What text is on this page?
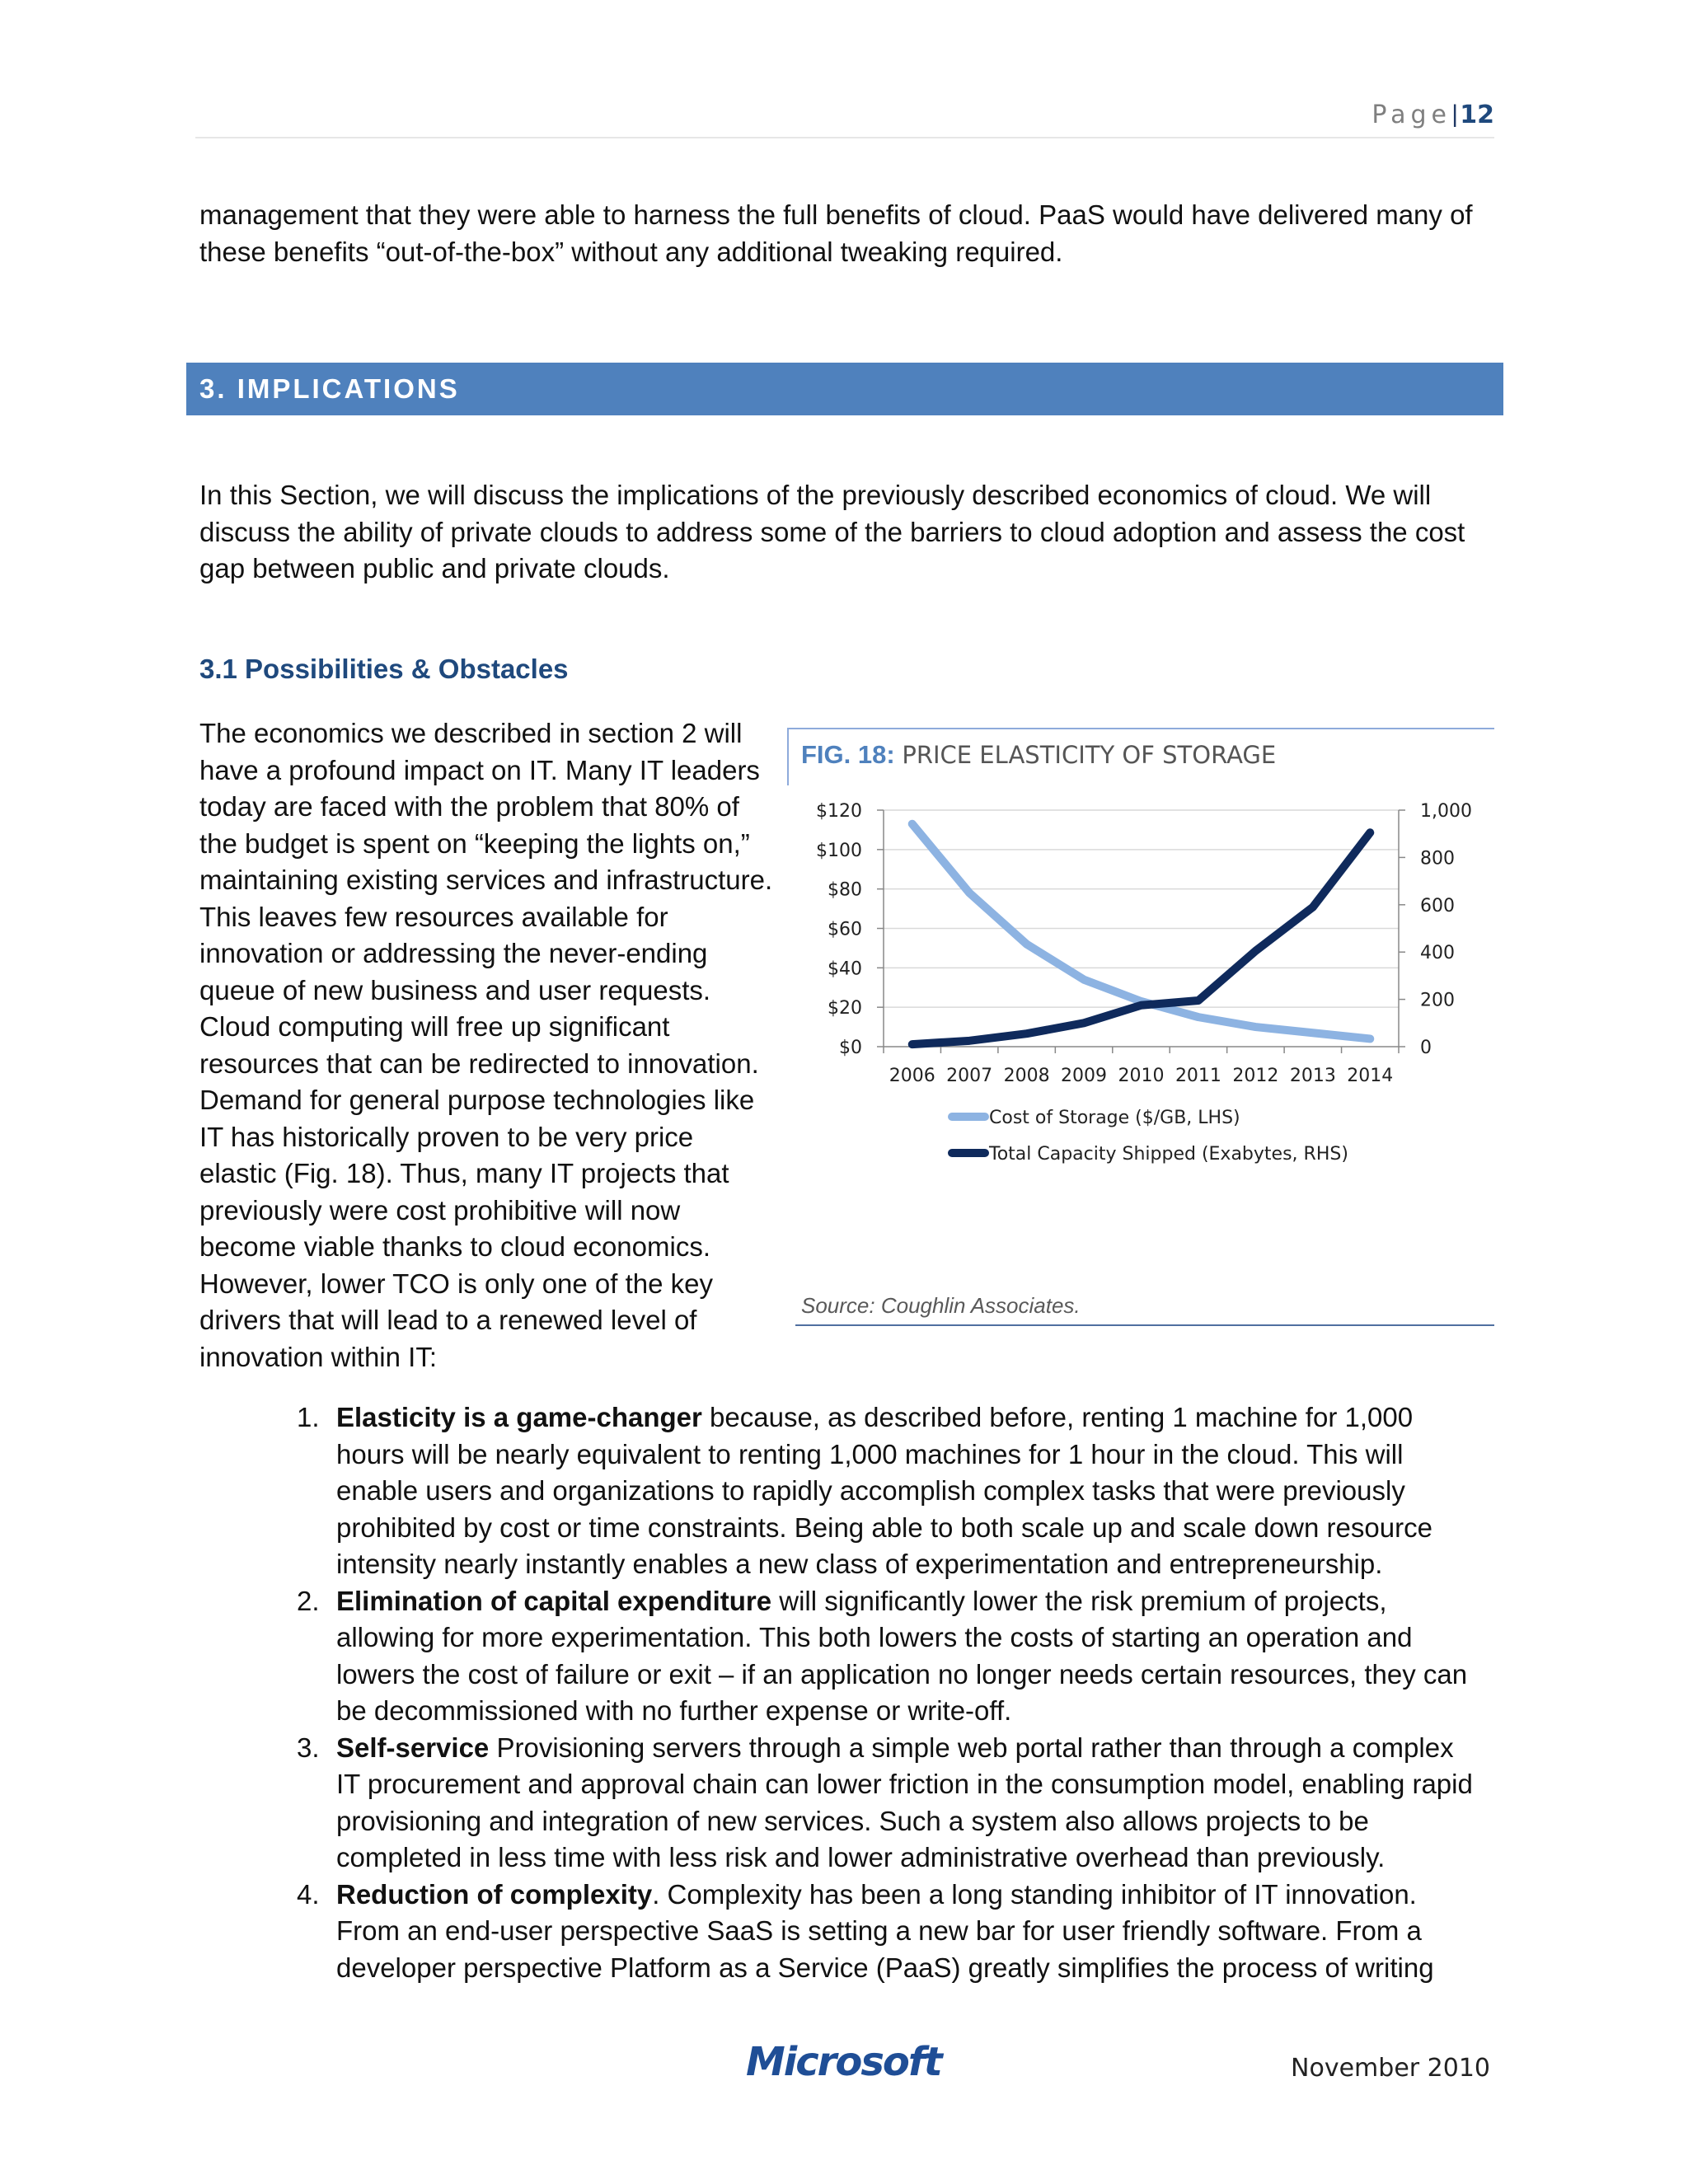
Page | 12

management that they were able to harness the full benefits of cloud. PaaS would have delivered many of these benefits “out-of-the-box” without any additional tweaking required.

3. IMPLICATIONS

In this Section, we will discuss the implications of the previously described economics of cloud. We will discuss the ability of private clouds to address some of the barriers to cloud adoption and assess the cost gap between public and private clouds.

3.1 Possibilities & Obstacles

The economics we described in section 2 will have a profound impact on IT. Many IT leaders today are faced with the problem that 80% of the budget is spent on “keeping the lights on,” maintaining existing services and infrastructure. This leaves few resources available for innovation or addressing the never-ending queue of new business and user requests. Cloud computing will free up significant resources that can be redirected to innovation. Demand for general purpose technologies like IT has historically proven to be very price elastic (Fig. 18). Thus, many IT projects that previously were cost prohibitive will now become viable thanks to cloud economics. However, lower TCO is only one of the key drivers that will lead to a renewed level of innovation within IT:

FIG. 18: PRICE ELASTICITY OF STORAGE
$0
$20
$40
$60
$80
$100
$120
0
200
400
600
800
1,000
2006 2007 2008 2009 2010 2011 2012 2013 2014
Cost of Storage ($/GB, LHS)
Total Capacity Shipped (Exabytes, RHS)
Source: Coughlin Associates.
1. Elasticity is a game-changer because, as described before, renting 1 machine for 1,000 hours will be nearly equivalent to renting 1,000 machines for 1 hour in the cloud. This will enable users and organizations to rapidly accomplish complex tasks that were previously prohibited by cost or time constraints. Being able to both scale up and scale down resource intensity nearly instantly enables a new class of experimentation and entrepreneurship.
2. Elimination of capital expenditure will significantly lower the risk premium of projects, allowing for more experimentation. This both lowers the costs of starting an operation and lowers the cost of failure or exit – if an application no longer needs certain resources, they can be decommissioned with no further expense or write-off.
3. Self-service Provisioning servers through a simple web portal rather than through a complex IT procurement and approval chain can lower friction in the consumption model, enabling rapid provisioning and integration of new services. Such a system also allows projects to be completed in less time with less risk and lower administrative overhead than previously.
4. Reduction of complexity. Complexity has been a long standing inhibitor of IT innovation. From an end-user perspective SaaS is setting a new bar for user friendly software. From a developer perspective Platform as a Service (PaaS) greatly simplifies the process of writing
Microsoft	November 2010
